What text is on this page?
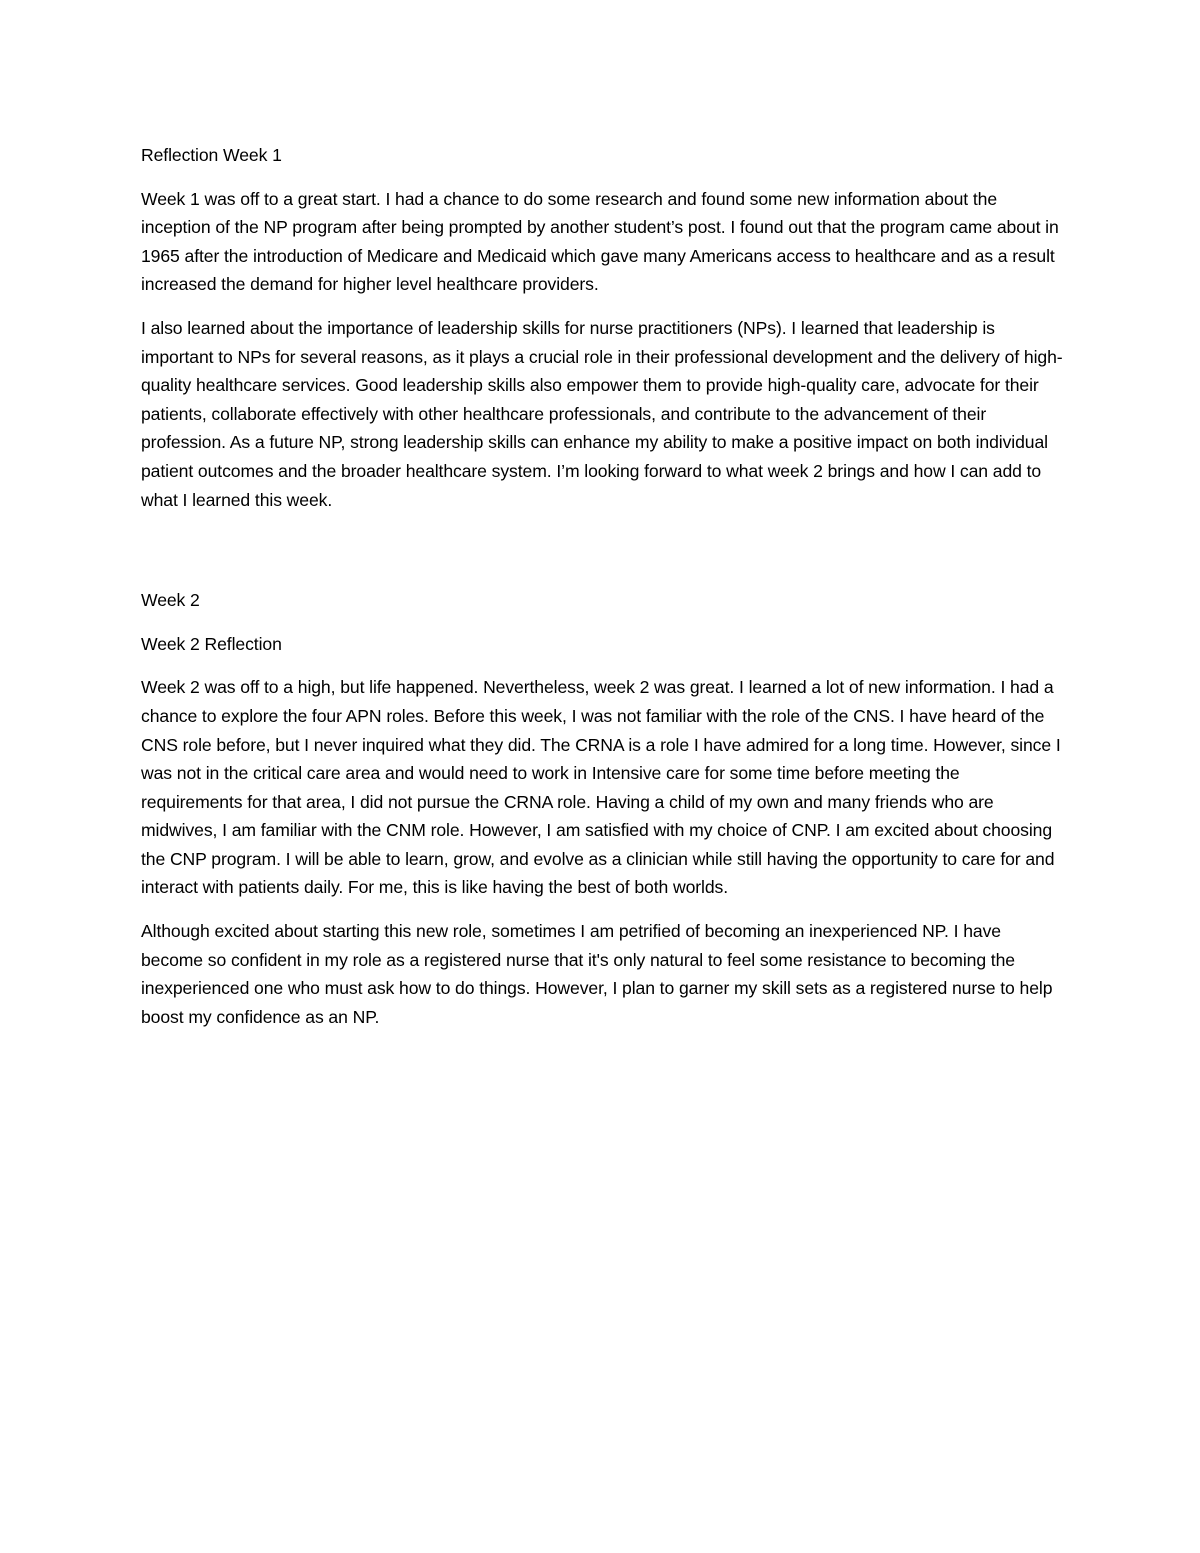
Reflection Week 1

Week 1 was off to a great start. I had a chance to do some research and found some new information about the inception of the NP program after being prompted by another student’s post. I found out that the program came about in 1965 after the introduction of Medicare and Medicaid which gave many Americans access to healthcare and as a result increased the demand for higher level healthcare providers.

I also learned about the importance of leadership skills for nurse practitioners (NPs). I learned that leadership is important to NPs for several reasons, as it plays a crucial role in their professional development and the delivery of high-quality healthcare services. Good leadership skills also empower them to provide high-quality care, advocate for their patients, collaborate effectively with other healthcare professionals, and contribute to the advancement of their profession. As a future NP, strong leadership skills can enhance my ability to make a positive impact on both individual patient outcomes and the broader healthcare system. I’m looking forward to what week 2 brings and how I can add to what I learned this week.

Week 2

Week 2 Reflection

Week 2 was off to a high, but life happened. Nevertheless, week 2 was great. I learned a lot of new information. I had a chance to explore the four APN roles. Before this week, I was not familiar with the role of the CNS. I have heard of the CNS role before, but I never inquired what they did. The CRNA is a role I have admired for a long time. However, since I was not in the critical care area and would need to work in Intensive care for some time before meeting the requirements for that area, I did not pursue the CRNA role. Having a child of my own and many friends who are midwives, I am familiar with the CNM role. However, I am satisfied with my choice of CNP. I am excited about choosing the CNP program. I will be able to learn, grow, and evolve as a clinician while still having the opportunity to care for and interact with patients daily. For me, this is like having the best of both worlds.

Although excited about starting this new role, sometimes I am petrified of becoming an inexperienced NP. I have become so confident in my role as a registered nurse that it's only natural to feel some resistance to becoming the inexperienced one who must ask how to do things. However, I plan to garner my skill sets as a registered nurse to help boost my confidence as an NP.
